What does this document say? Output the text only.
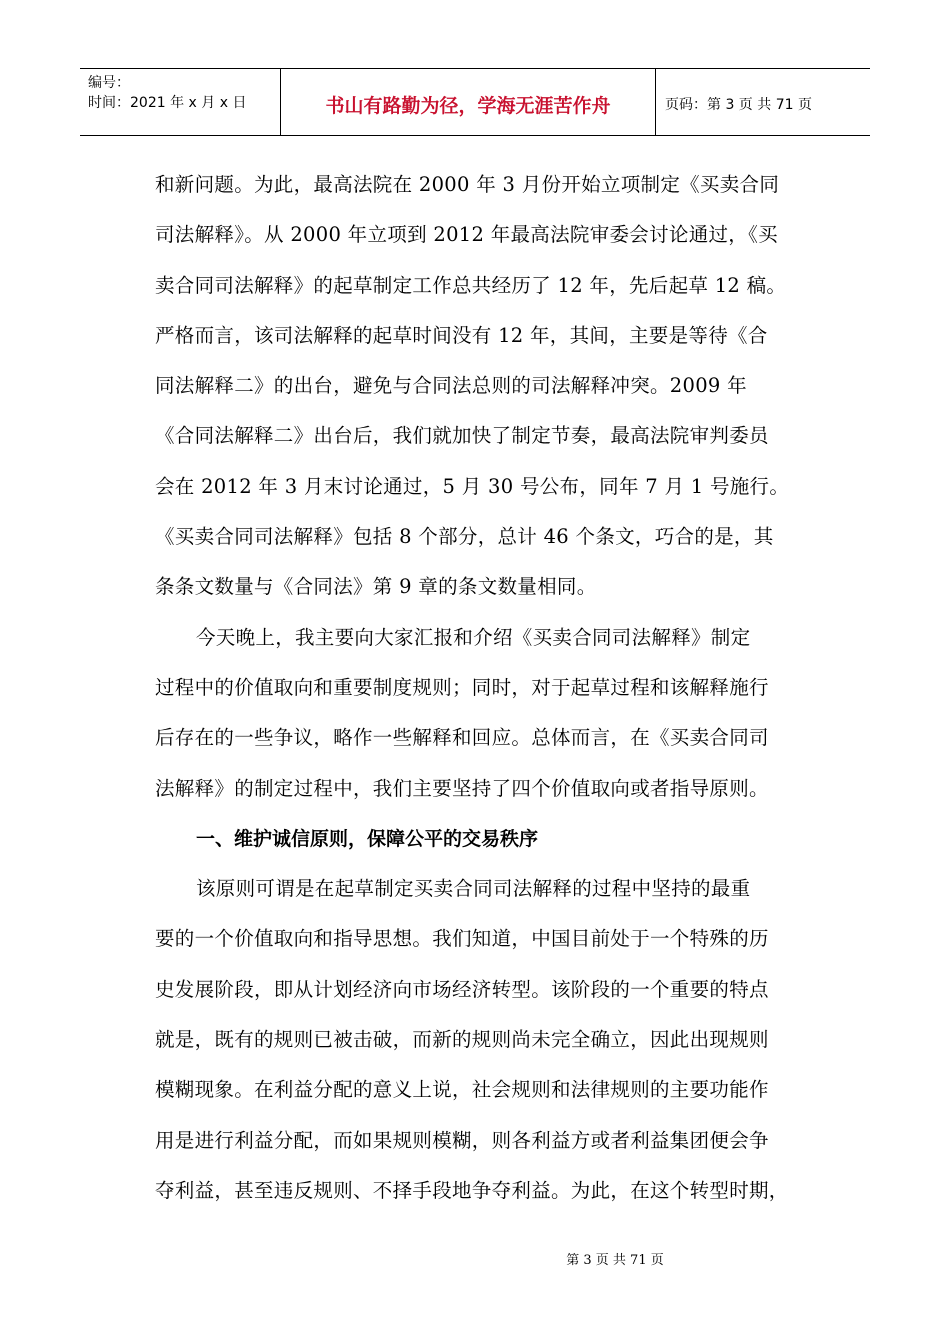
编号：
时间：2021 年 x 月 x 日	书山有路勤为径，学海无涯苦作舟	页码：第 3 页 共 71 页
和新问题。为此，最高法院在 2000 年 3 月份开始立项制定《买卖合同
司法解释》。从 2000 年立项到 2012 年最高法院审委会讨论通过，《买
卖合同司法解释》的起草制定工作总共经历了 12 年，先后起草 12 稿。
严格而言，该司法解释的起草时间没有 12 年，其间，主要是等待《合
同法解释二》的出台，避免与合同法总则的司法解释冲突。2009 年
《合同法解释二》出台后，我们就加快了制定节奏，最高法院审判委员
会在 2012 年 3 月末讨论通过，5 月 30 号公布，同年 7 月 1 号施行。
《买卖合同司法解释》包括 8 个部分，总计 46 个条文，巧合的是，其
条条文数量与《合同法》第 9 章的条文数量相同。
今天晚上，我主要向大家汇报和介绍《买卖合同司法解释》制定
过程中的价值取向和重要制度规则；同时，对于起草过程和该解释施行
后存在的一些争议，略作一些解释和回应。总体而言，在《买卖合同司
法解释》的制定过程中，我们主要坚持了四个价值取向或者指导原则。
一、维护诚信原则，保障公平的交易秩序
该原则可谓是在起草制定买卖合同司法解释的过程中坚持的最重
要的一个价值取向和指导思想。我们知道，中国目前处于一个特殊的历
史发展阶段，即从计划经济向市场经济转型。该阶段的一个重要的特点
就是，既有的规则已被击破，而新的规则尚未完全确立，因此出现规则
模糊现象。在利益分配的意义上说，社会规则和法律规则的主要功能作
用是进行利益分配，而如果规则模糊，则各利益方或者利益集团便会争
夺利益，甚至违反规则、不择手段地争夺利益。为此，在这个转型时期，
第 3 页 共 71 页
